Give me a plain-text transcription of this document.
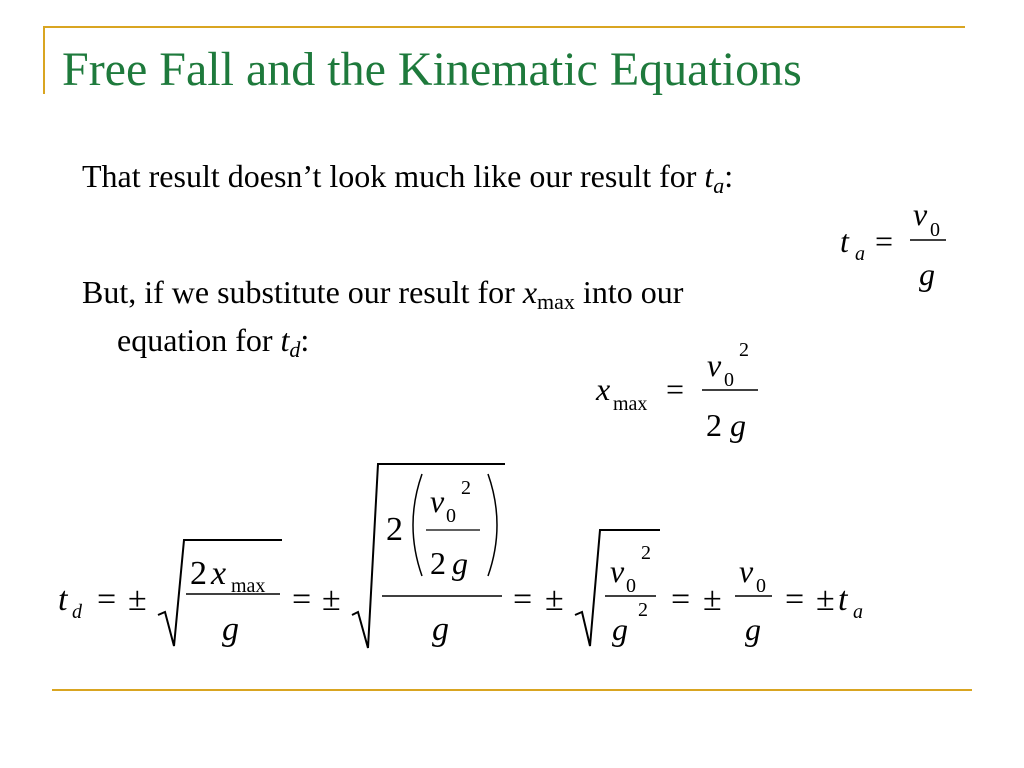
Free Fall and the Kinematic Equations
That result doesn’t look much like our result for $t_a$:
But, if we substitute our result for $x_{max}$ into our
equation for $t_d$:
t a =
v 0
g
x max =
v 0
2
2 g
t d = ±
2 x max
g
= ±
2
v 0
2
2 g
g
= ±
v 0
2
g
2 = ±
v 0
g
= ± t a
